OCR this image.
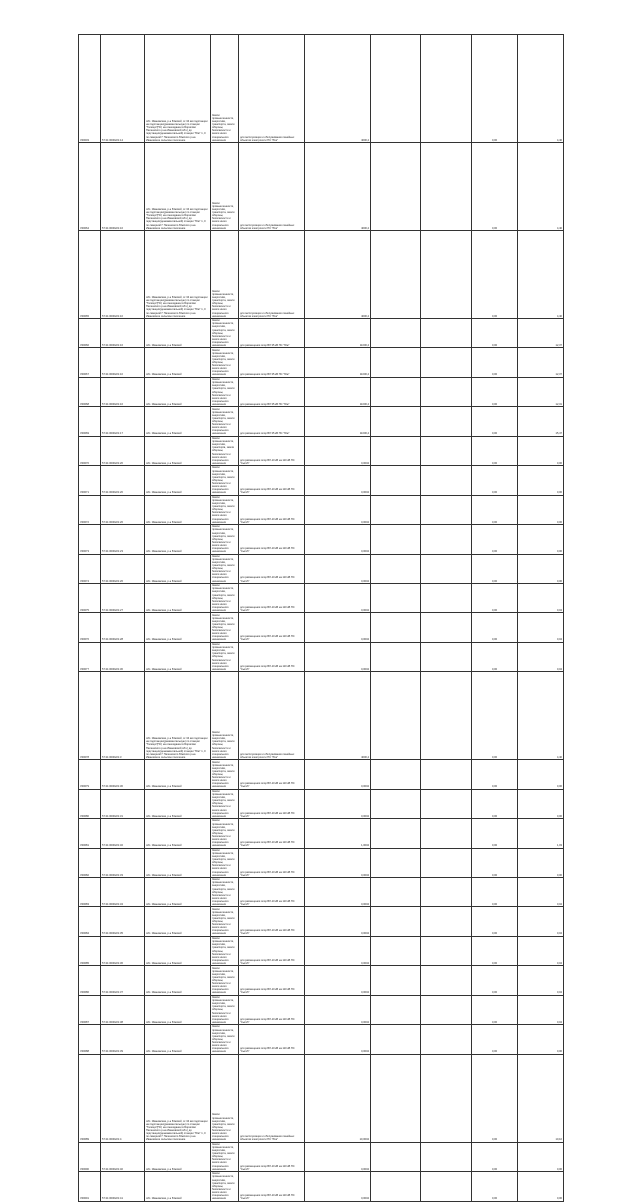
V00003	57:21:0000221:14	обл. Ивановская, р-н Южский, от 34 км подстанции на подстанции(декаментальную) по станции "Талица"(ПС) на огнекидании в Борисово Палешского р-на Ивановской обл.) до подстанции(денкаментальной) станции "Юж" 1, 0 по северной Г Палешского Южского р-на Ивановское сельское поселение	Земли промышленности, энергетики, транспорта, земли обороны, безопасности и земли иного специального назначения	для эксплуатации и обслуживания линейных объектов электросети ПС "Юж"	4000,4			0,00	4,40
V00064	57:21:0000221:16	обл. Ивановская, р-н Южский, от 34 км подстанции на подстанции(декаментальную) по станции "Талица"(ПС) на огнекидании в Борисово Палешского р-на Ивановской обл.) до подстанции(денкаментальной) станции "Юж" 1, 0 по северной Г Палешского Южского р-на Ивановское сельское поселение	Земли промышленности, энергетики, транспорта, земли обороны, безопасности и земли иного специального назначения	для эксплуатации и обслуживания линейных объектов электросети ПС "Юж"	4000,4			0,00	4,40
V00065	57:21:0000221:10	обл. Ивановская, р-н Южский, от 34 км подстанции на подстанции(декаментальную) по станции "Талица"(ПС) на огнекидании в Борисово Палешского р-на Ивановской обл.) до подстанции(денкаментальной) станции "Юж" 1, 0 по северной Г Палешского Южского р-на Ивановское сельское поселение	Земли промышленности, энергетики, транспорта, земли обороны, безопасности и земли иного специального назначения	для эксплуатации и обслуживания линейных объектов электросети ПС "Юж"	4000,4			0,00	4,40
V00066	57:21:0000221:16	обл. Ивановская, р-н Южский	Земли промышленности, энергетики, транспорта, земли обороны, безопасности и земли иного специального назначения	для размещения опор ВЛ 35 кВ ПС "Юж"	11000,4			0,00	12,37
V00067	57:21:0000221:10	обл. Ивановская, р-н Южский	Земли промышленности, энергетики, транспорта, земли обороны, безопасности и земли иного специального назначения	для размещения опор ВЛ 35 кВ ПС "Юж"	11000,4			0,00	12,37
V00068	57:21:0000221:16	обл. Ивановская, р-н Южский	Земли промышленности, энергетики, транспорта, земли обороны, безопасности и земли иного специального назначения	для размещения опор ВЛ 35 кВ ПС "Юж"	11000,4			0,00	12,31
V00069	57:21:0000221:17	обл. Ивановская, р-н Южский	Земли промышленности, энергетики, транспорта, земли обороны, безопасности и земли иного специального назначения	для размещения опор ВЛ 35 кВ ПС "Юж"	11000,4			0,00	15,47
V00070	57:21:0000221:20	обл. Ивановская, р-н Южский	Земли промышленности, энергетики, транспорta, земли обороны, безопасности и земли иного специального назначения	для размещения опор ВЛ-10 кВ на 110 кВ ПС "Сыгиб"	0,0004			0,00	0,06
V00071	57:21:0000221:20	обл. Ивановская, р-н Южский	Земли промышленности, энергетики, транспорта, земли обороны, безопасности и земли иного специального назначения	для размещения опор ВЛ-10 кВ на 110 кВ ПС "Сыгиб"	0,0004			0,00	0,06
V00072	57:21:0000221:26	обл. Ивановская, р-н Южский	Земли промышленности, энергетики, транспорта, земли обороны, безопасности и земли иного специального назначения	для размещения опор ВЛ-10 кВ на 110 кВ ПС "Сыгиб"	0,0004			0,00	0,06
V00073	57:21:0000221:23	обл. Ивановская, р-н Южский	Земли промышленности, энергетики, транспорта, земли обороны, безопасности и земли иного специального назначения	для размещения опор ВЛ-10 кВ на 110 кВ ПС "Сыгиб"	0,0004			0,00	0,06
V00074	57:21:0000221:26	обл. Ивановская, р-н Южский	Земли промышленности, энергетики, транспорта, земли обороны, безопасности и земли иного специального назначения	для размещения опор ВЛ-10 кВ на 110 кВ ПС "Сыгиб"	0,0004			0,00	0,06
V00075	57:21:0000221:27	обл. Ивановская, р-н Южский	Земли промышленности, энергетики, транспорта, земли обороны, безопасности и земли иного специального назначения	для размещения опор ВЛ-10 кВ на 110 кВ ПС "Сыгиб"	0,0004			0,00	0,04
V00076	57:21:0000221:28	обл. Ивановская, р-н Южский	Земли промышленности, энергетики, транспорта, земли обороны, безопасности и земли иного специального назначения	для размещения опор ВЛ-10 кВ на 110 кВ ПС "Сыгиб"	0,0004			0,00	0,04
V00077	57:21:0000221:30	обл. Ивановская, р-н Южский	Земли промышленности, энергетики, транспорта, земли обороны, безопасности и земли иного специального назначения	для размещения опор ВЛ-10 кВ на 110 кВ ПС "Сыгиб"	0,0004			0,00	0,04
V00078	57:21:0000221:3	обл. Ивановская, р-н Южский, от 34 км подстанции на подстанции(декаментальную) по станции "Талица"(ПС) на огнекидании в Борисово Палешского р-на Ивановской обл.) до подстанции(денкаментальной) станции "Юж" 1, 0 по северной Г Палешского Южского р-на Ивановское сельское поселение	Земли промышленности, энергетики, транспорта, земли обороны, безопасности и земли иного специального назначения	для эксплуатации и обслуживания линейных объектов электросети ПС "Юж"	4000,4			0,00	4,40
V00079	57:21:0000221:30	обл. Ивановская, р-н Южский	Земли промышленности, энергетики, транспорта, земли обороны, безопасности и земли иного специального назначения	для размещения опор ВЛ-10 кВ на 110 кВ ПС "Сыгиб"	0,0004			0,00	0,06
V00080	57:21:0000221:31	обл. Ивановская, р-н Южский	Земли промышленности, энергетики, транспорта, земли обороны, безопасности и земли иного специального назначения	для размещения опор ВЛ-10 кВ на 110 кВ ПС "Сыгиб"	0,0004			0,00	0,06
V00081	57:21:0000221:32	обл. Ивановская, р-н Южский	Земли промышленности, энергетики, транспорта, земли обороны, безопасности и земли иного специального назначения	для размещения опор ВЛ-10 кВ на 110 кВ ПС "Сыгиб"	1,0004			0,00	1,03
V00082	57:21:0000221:33	обл. Ивановская, р-н Южский	Земли промышленности, энергетики, транспорта, земли обороны, безопасности и земли иного специального назначения	для размещения опор ВЛ-10 кВ на 110 кВ ПС "Сыгиб"	0,0004			0,00	0,06
V00083	57:21:0000221:34	обл. Ивановская, р-н Южский	Земли промышленности, энергетики, транспорта, земли обороны, безопасности и земли иного специального назначения	для размещения опор ВЛ-10 кВ на 110 кВ ПС "Сыгиб"	0,0004			0,00	0,04
V00084	57:21:0000221:35	обл. Ивановская, р-н Южский	Земли промышленности, энергетики, транспорта, земли обороны, безопасности и земли иного специального назначения	для размещения опор ВЛ-10 кВ на 110 кВ ПС "Сыгиб"	0,0004			0,00	0,04
V00085	57:21:0000221:36	обл. Ивановская, р-н Южский	Земли промышленности, энергетики, транспорта, земли обороны, безопасности и земли иного специального назначения	для размещения опор ВЛ-10 кВ на 110 кВ ПС "Сыгиб"	0,0004			0,00	0,04
V00086	57:21:0000221:37	обл. Ивановская, р-н Южский	Земли промышленности, энергетики, транспорта, земли обороны, безопасности и земли иного специального назначения	для размещения опор ВЛ-10 кВ на 110 кВ ПС "Сыгиб"	0,0004			0,00	0,04
V00087	57:21:0000221:38	обл. Ивановская, р-н Южский	Земли промышленности, энергетики, транспорта, земли обороны, безопасности и земли иного специального назначения	для размещения опор ВЛ-10 кВ на 110 кВ ПС "Сыгиб"	0,0004			0,00	0,04
V00088	57:21:0000221:39	обл. Ивановская, р-н Южский	Земли промышленности, энергетики, транспорта, земли обороны, безопасности и земли иного специального назначения	для размещения опор ВЛ-10 кВ на 110 кВ ПС "Сыгиб"	0,0004			0,00	0,06
V00089	57:21:0000221:4	обл. Ивановская, р-н Южский, от 34 км подстанции на подстанции(декаментальную) по станции "Талица"(ПС) на огнекидании в Борисово Палешского р-на Ивановской обл.) до подстанции(денкаментальной) станции "Юж" 1, 0 по северной Г Палешского Южского р-на Ивановское сельское поселение	Земли промышленности, энергетики, транспорта, земли обороны, безопасности и земли иного специального назначения	для эксплуатации и обслуживания линейных объектов электросети ПС "Юж"	10,0004			0,00	10,10
V00090	57:21:0000221:40	обл. Ивановская, р-н Южский	Земли промышленности, энергетики, транспорта, земли обороны, безопасности и земли иного специального назначения	для размещения опор ВЛ-10 кВ на 110 кВ ПС "Сыгиб"	0,0004			0,00	0,06
V00091	57:21:0000221:41	обл. Ивановская, р-н Южский	Земли промышленности, энергетики, транспорта, земли обороны, безопасности и земли иного специального назначения	для размещения опор ВЛ-10 кВ на 110 кВ ПС "Сыгиб"	0,0004			0,00	0,06
